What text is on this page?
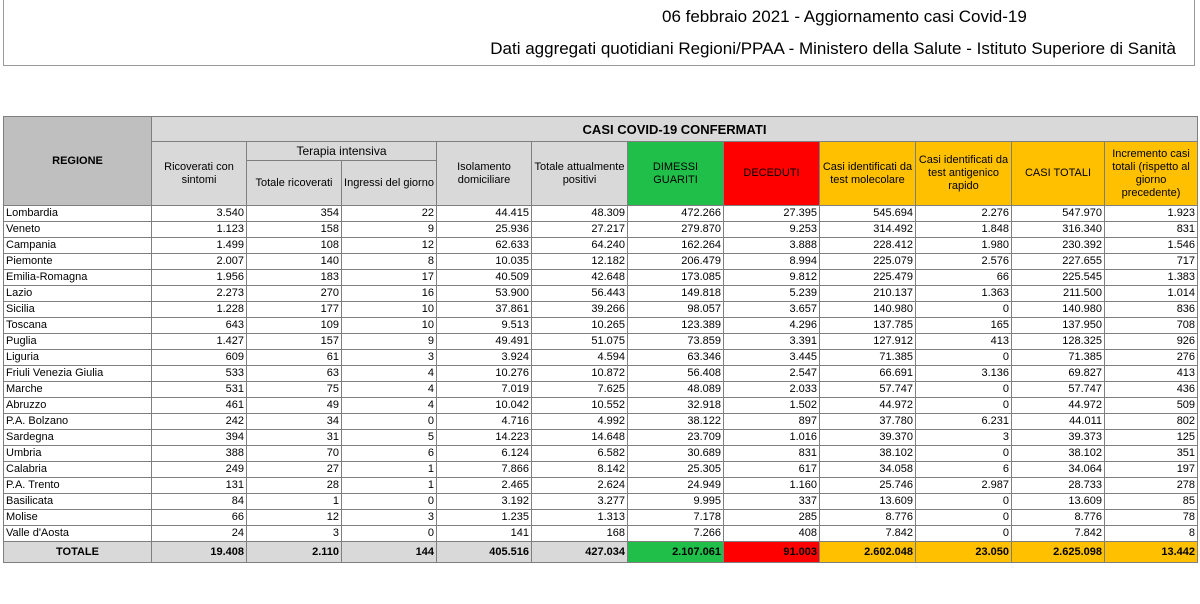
06 febbraio 2021 - Aggiornamento casi Covid-19
Dati aggregati quotidiani Regioni/PPAA - Ministero della Salute - Istituto Superiore di Sanità
REGIONE	CASI COVID-19 CONFERMATI										
	Ricoverati con sintomi	Terapia intensiva		Isolamento domiciliare	Totale attualmente positivi	DIMESSI GUARITI	DECEDUTI	Casi identificati da test molecolare	Casi identificati da test antigenico rapido	CASI TOTALI	Incremento casi totali (rispetto al giorno precedente)
		Totale ricoverati	Ingressi del giorno								
Lombardia	3.540	354	22	44.415	48.309	472.266	27.395	545.694	2.276	547.970	1.923
Veneto	1.123	158	9	25.936	27.217	279.870	9.253	314.492	1.848	316.340	831
Campania	1.499	108	12	62.633	64.240	162.264	3.888	228.412	1.980	230.392	1.546
Piemonte	2.007	140	8	10.035	12.182	206.479	8.994	225.079	2.576	227.655	717
Emilia-Romagna	1.956	183	17	40.509	42.648	173.085	9.812	225.479	66	225.545	1.383
Lazio	2.273	270	16	53.900	56.443	149.818	5.239	210.137	1.363	211.500	1.014
Sicilia	1.228	177	10	37.861	39.266	98.057	3.657	140.980	0	140.980	836
Toscana	643	109	10	9.513	10.265	123.389	4.296	137.785	165	137.950	708
Puglia	1.427	157	9	49.491	51.075	73.859	3.391	127.912	413	128.325	926
Liguria	609	61	3	3.924	4.594	63.346	3.445	71.385	0	71.385	276
Friuli Venezia Giulia	533	63	4	10.276	10.872	56.408	2.547	66.691	3.136	69.827	413
Marche	531	75	4	7.019	7.625	48.089	2.033	57.747	0	57.747	436
Abruzzo	461	49	4	10.042	10.552	32.918	1.502	44.972	0	44.972	509
P.A. Bolzano	242	34	0	4.716	4.992	38.122	897	37.780	6.231	44.011	802
Sardegna	394	31	5	14.223	14.648	23.709	1.016	39.370	3	39.373	125
Umbria	388	70	6	6.124	6.582	30.689	831	38.102	0	38.102	351
Calabria	249	27	1	7.866	8.142	25.305	617	34.058	6	34.064	197
P.A. Trento	131	28	1	2.465	2.624	24.949	1.160	25.746	2.987	28.733	278
Basilicata	84	1	0	3.192	3.277	9.995	337	13.609	0	13.609	85
Molise	66	12	3	1.235	1.313	7.178	285	8.776	0	8.776	78
Valle d'Aosta	24	3	0	141	168	7.266	408	7.842	0	7.842	8
TOTALE	19.408	2.110	144	405.516	427.034	2.107.061	91.003	2.602.048	23.050	2.625.098	13.442
